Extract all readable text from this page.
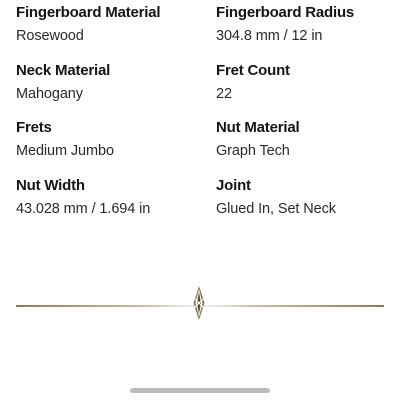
Fingerboard Material
Rosewood
Fingerboard Radius
304.8 mm / 12 in
Neck Material
Mahogany
Fret Count
22
Frets
Medium Jumbo
Nut Material
Graph Tech
Nut Width
43.028 mm / 1.694 in
Joint
Glued In, Set Neck
